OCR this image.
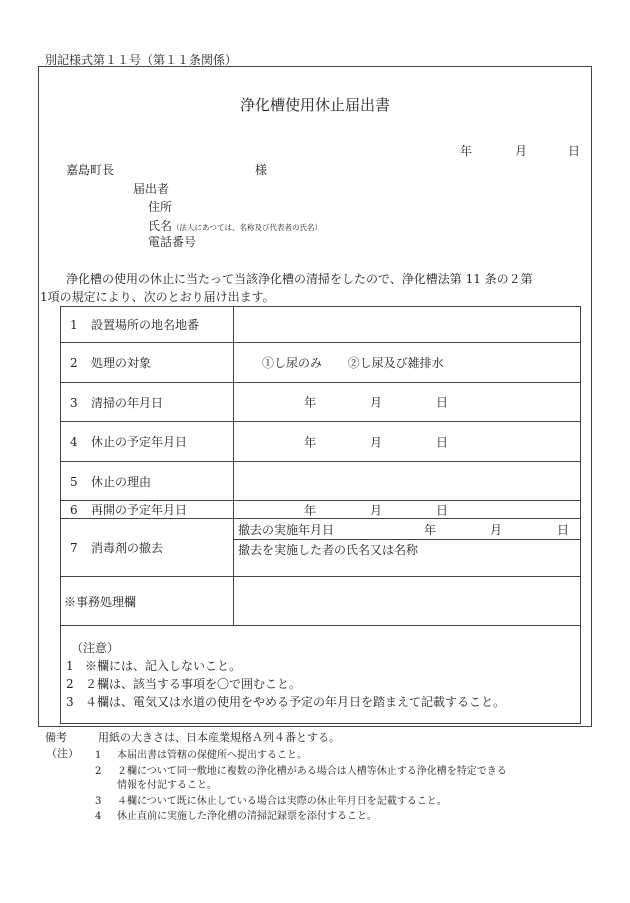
別記様式第１１号（第１１条関係）
浄化槽使用休止届出書
年	月	日
嘉島町長	様
届出者
住所
氏名（法人にあつては、名称及び代表者の氏名）
電話番号
浄化槽の使用の休止に当たって当該浄化槽の清掃をしたので、浄化槽法第 11 条の２第
1項の規定により、次のとおり届け出ます。
1 設置場所の地名地番	
2 処理の対象	①し尿のみ ②し尿及び雑排水
3 清掃の年月日	年 月 日

4 休止の予定年月日	年 月 日

5 休止の理由	
6 再開の予定年月日	年 月 日

7 消毒剤の撤去	撤去の実施年月日 年 月 日
撤去を実施した者の氏名又は名称

※事務処理欄	

（注意）
1 ※欄には、記入しないこと。
2 ２欄は、該当する事項を〇で囲むこと。
3 ４欄は、電気又は水道の使用をやめる予定の年月日を踏まえて記載すること。	
備考	用紙の大きさは、日本産業規格Ａ列４番とする。
（注） 1 本届出書は管轄の保健所へ提出すること。
2 ２欄について同一敷地に複数の浄化槽がある場合は人槽等休止する浄化槽を特定できる
情報を付記すること。
3 ４欄について既に休止している場合は実際の休止年月日を記載すること。
4 休止直前に実施した浄化槽の清掃記録票を添付すること。
